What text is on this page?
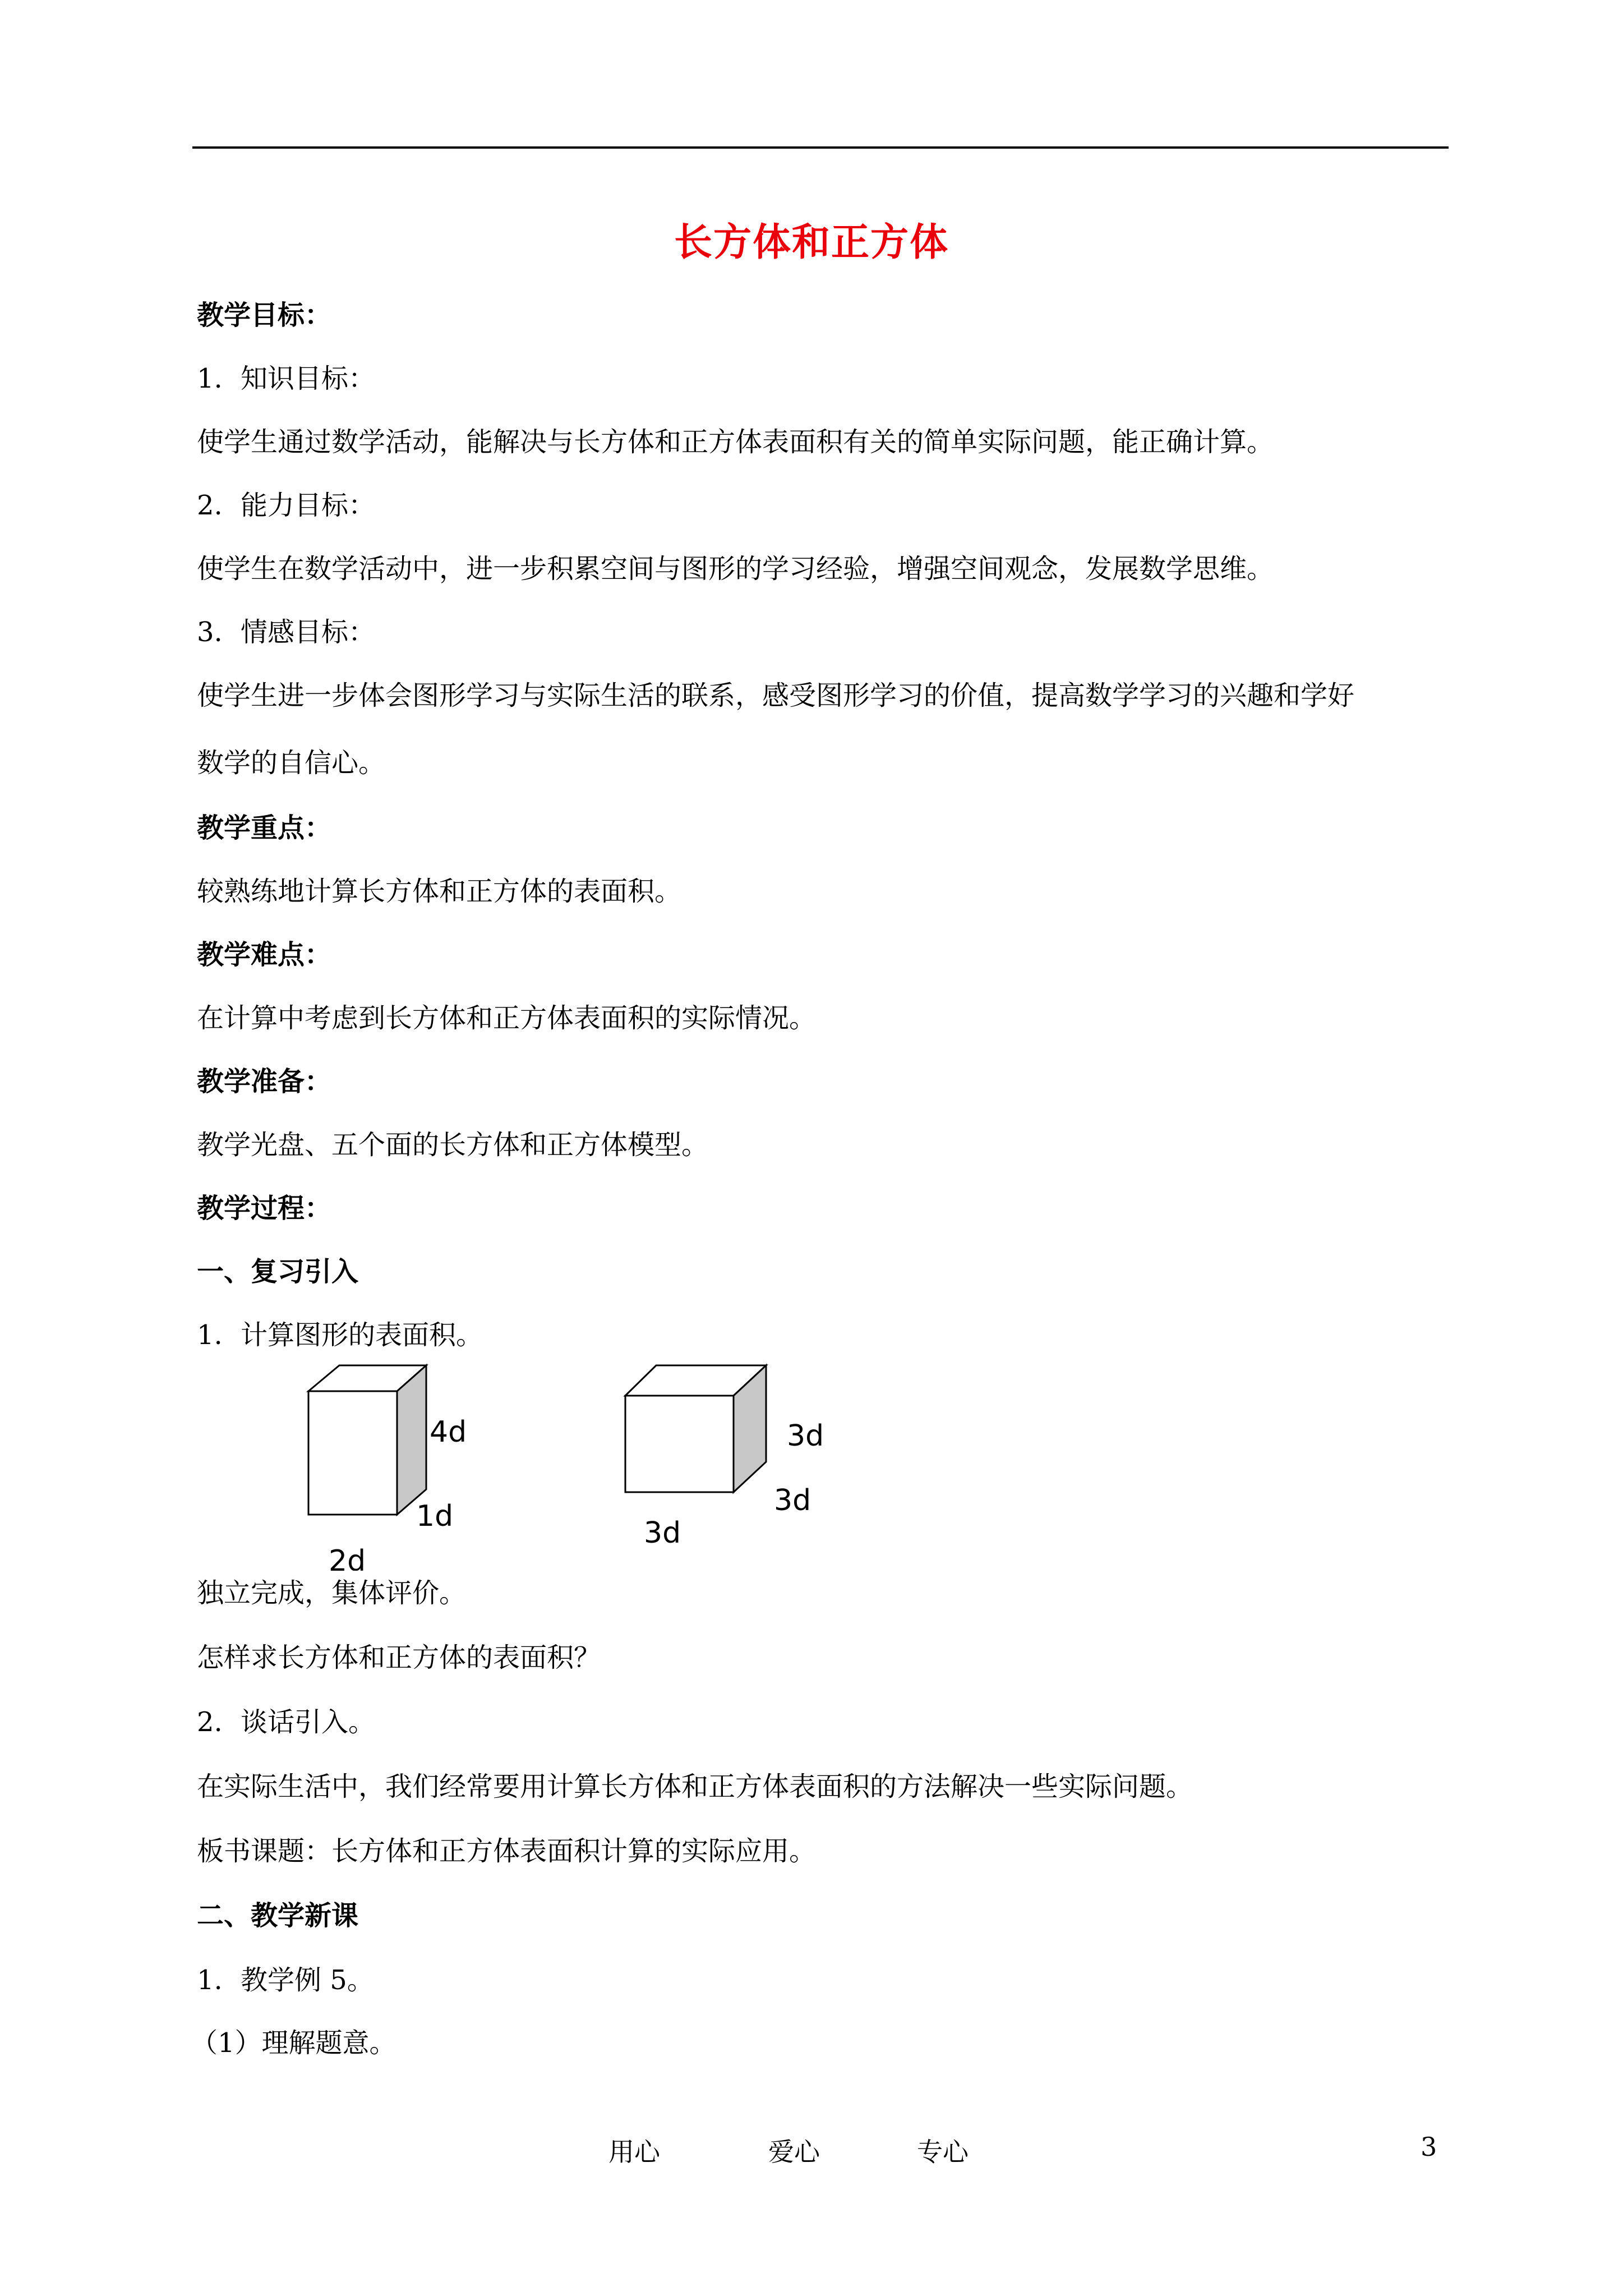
长方体和正方体
教学目标：
1. 知识目标：
使学生通过数学活动，能解决与长方体和正方体表面积有关的简单实际问题，能正确计算。
2. 能力目标：
使学生在数学活动中，进一步积累空间与图形的学习经验，增强空间观念，发展数学思维。
3. 情感目标：
使学生进一步体会图形学习与实际生活的联系，感受图形学习的价值，提高数学学习的兴趣和学好
数学的自信心。
教学重点：
较熟练地计算长方体和正方体的表面积。
教学难点：
在计算中考虑到长方体和正方体表面积的实际情况。
教学准备：
教学光盘、五个面的长方体和正方体模型。
教学过程：
一、复习引入
1. 计算图形的表面积。
4d
1d
2d
3d
3d
3d
独立完成，集体评价。
怎样求长方体和正方体的表面积？
2. 谈话引入。
在实际生活中，我们经常要用计算长方体和正方体表面积的方法解决一些实际问题。
板书课题：长方体和正方体表面积计算的实际应用。
二、教学新课
1. 教学例 5。
（1）理解题意。
用心	爱心	专心	3
